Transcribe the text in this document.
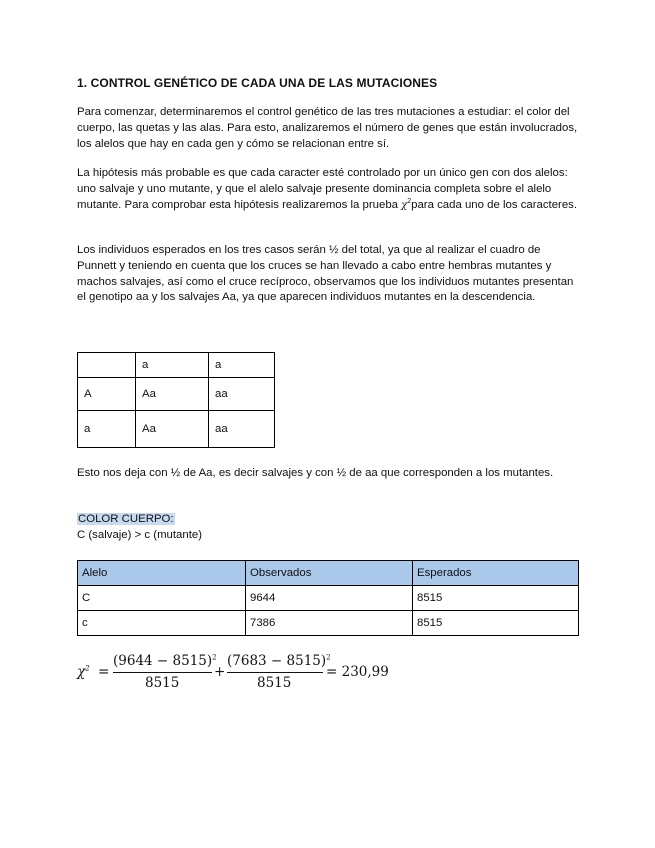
1. CONTROL GENÉTICO DE CADA UNA DE LAS MUTACIONES
Para comenzar, determinaremos el control genético de las tres mutaciones a estudiar: el color del cuerpo, las quetas y las alas. Para esto, analizaremos el número de genes que están involucrados, los alelos que hay en cada gen y cómo se relacionan entre sí.
La hipótesis más probable es que cada caracter esté controlado por un único gen con dos alelos: uno salvaje y uno mutante, y que el alelo salvaje presente dominancia completa sobre el alelo mutante. Para comprobar esta hipótesis realizaremos la prueba $\chi^2para$ cada uno de los caracteres.
Los individuos esperados en los tres casos serán ½ del total, ya que al realizar el cuadro de Punnett y teniendo en cuenta que los cruces se han llevado a cabo entre hembras mutantes y machos salvajes, así como el cruce recíproco, observamos que los individuos mutantes presentan el genotipo aa y los salvajes Aa, ya que aparecen individuos mutantes en la descendencia.
	a	a
A	Aa	aa
a	Aa	aa
Esto nos deja con ½ de Aa, es decir salvajes y con ½ de aa que corresponden a los mutantes.
COLOR CUERPO:
C (salvaje) > c (mutante)
Alelo	Observados	Esperados
C	9644	8515
c	7386	8515
$\chi^2$ =
$(9644 - 8515)^2$
8515
+
$(7683 - 8515)^2$
8515
= 230,99
